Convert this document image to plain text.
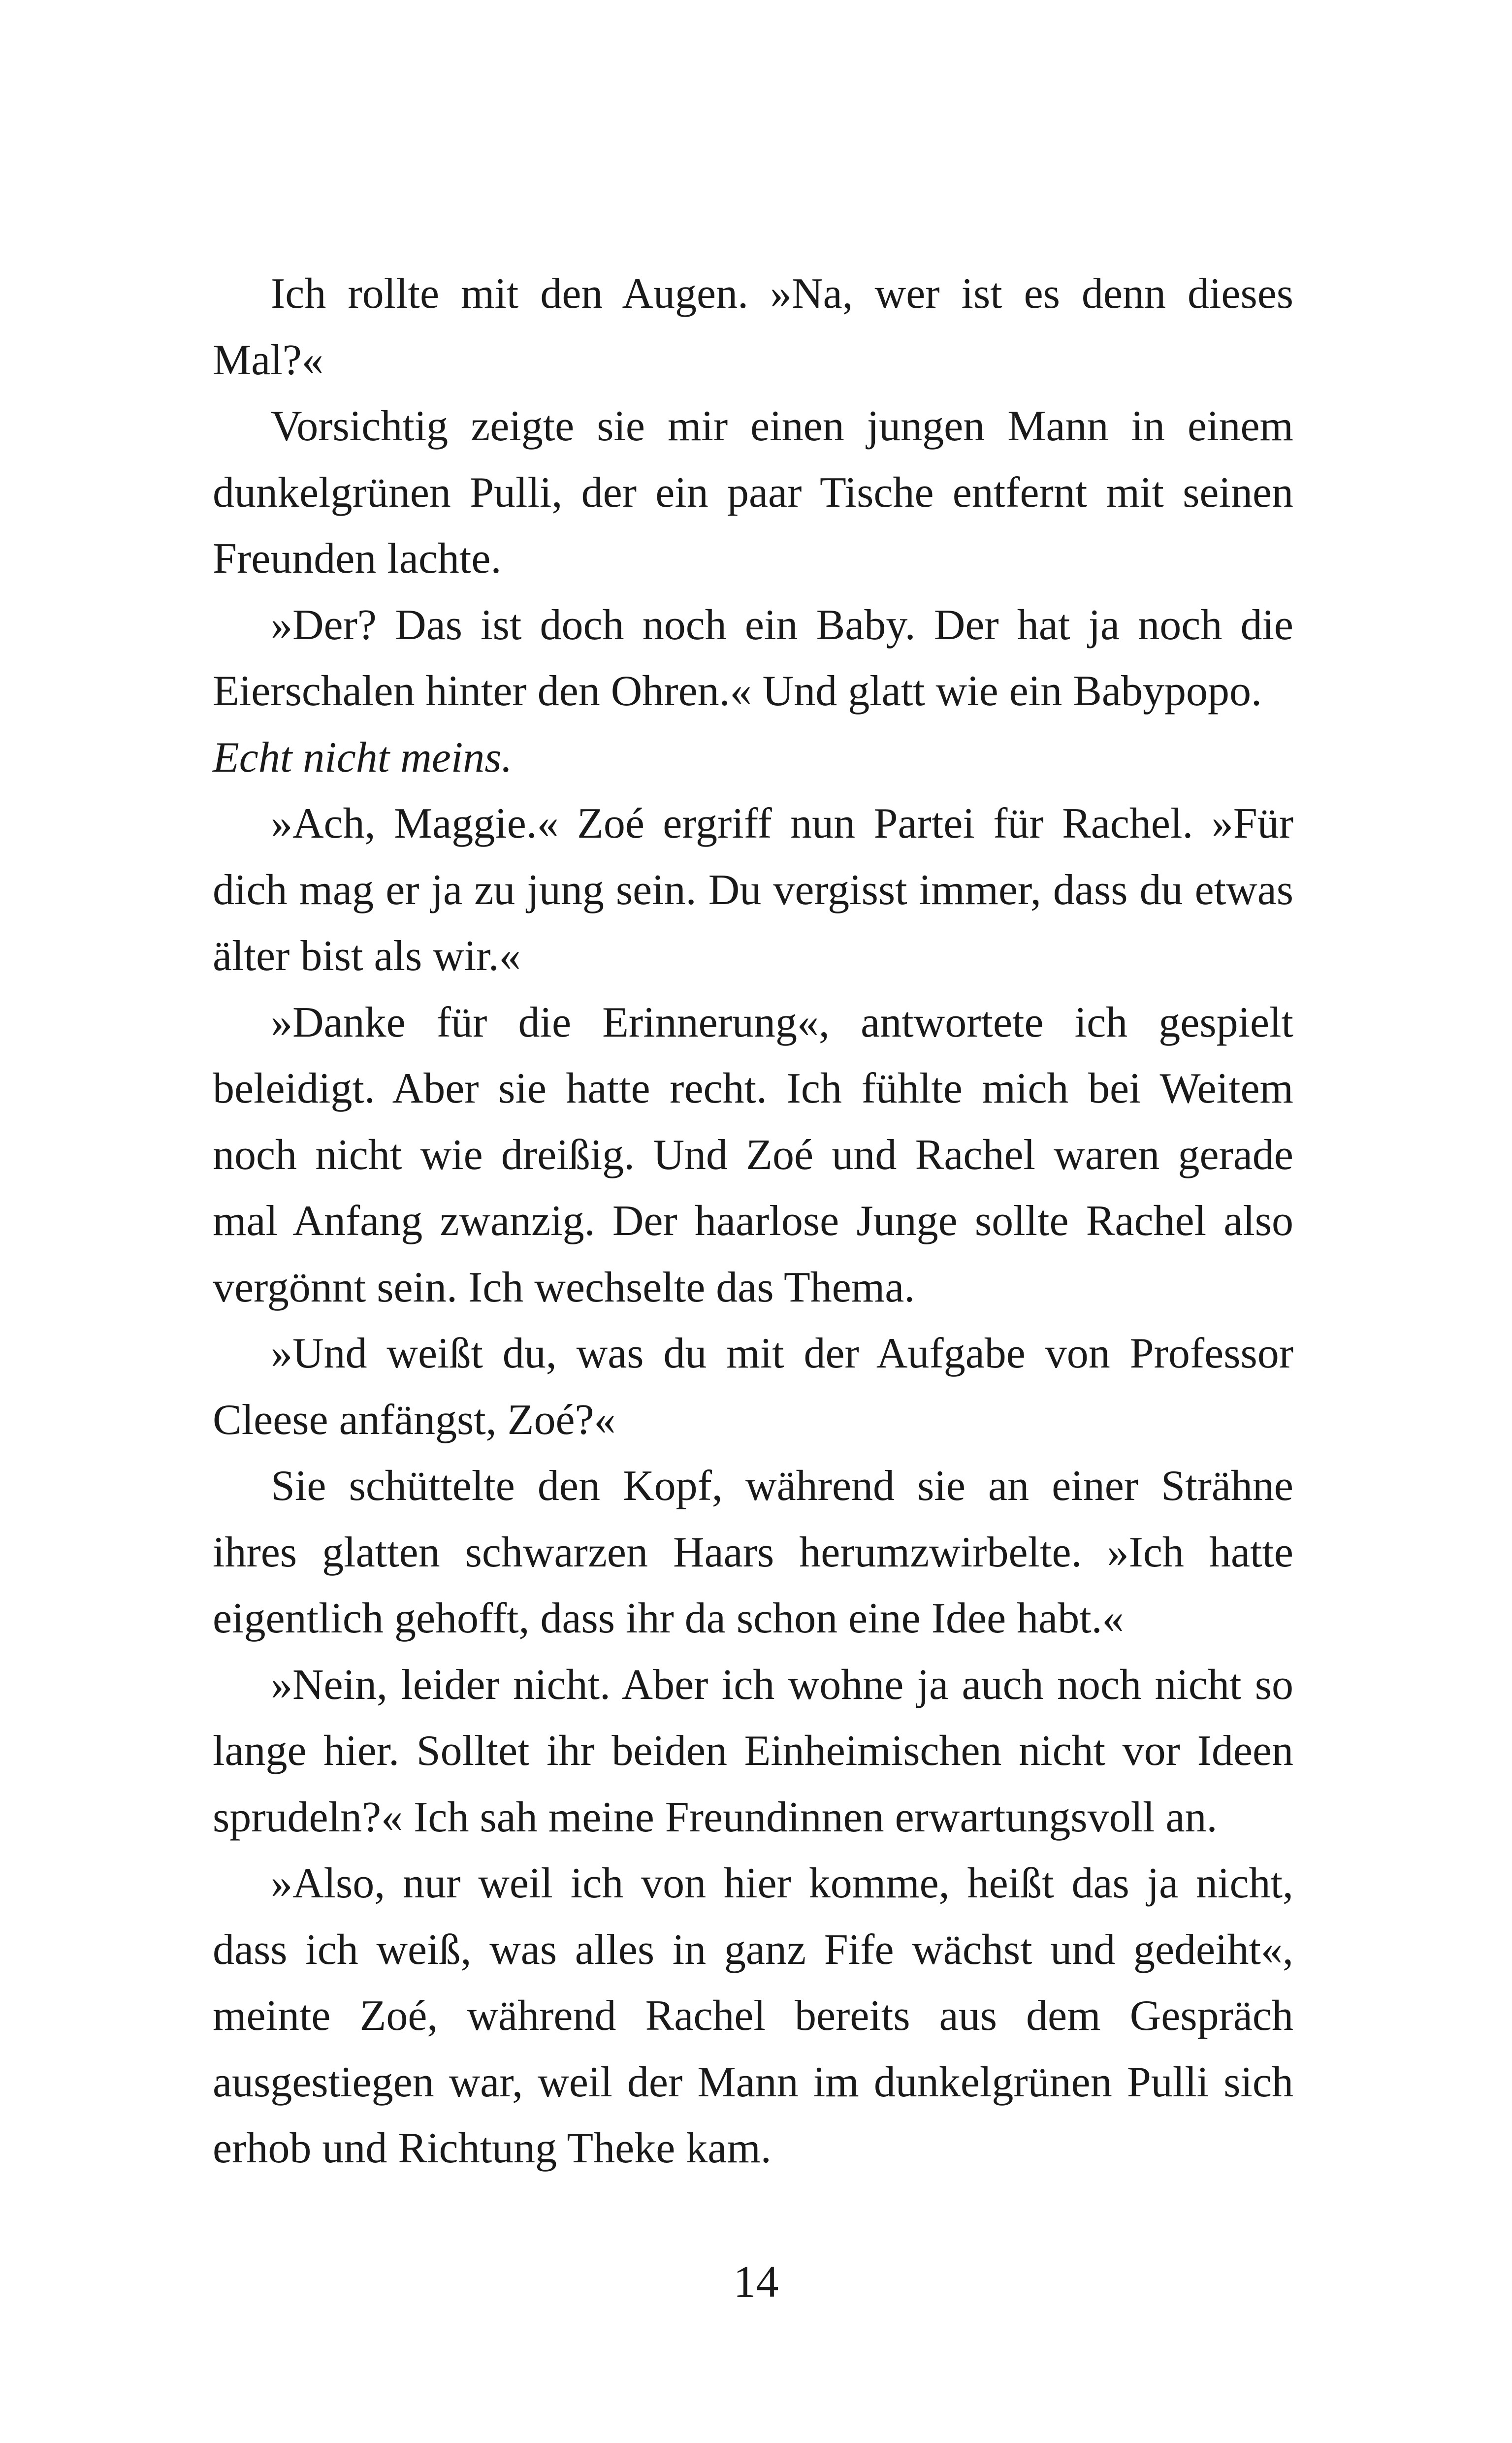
Ich rollte mit den Augen. »Na, wer ist es denn dieses Mal?«

Vorsichtig zeigte sie mir einen jungen Mann in einem dunkelgrünen Pulli, der ein paar Tische entfernt mit seinen Freunden lachte.

»Der? Das ist doch noch ein Baby. Der hat ja noch die Eierschalen hinter den Ohren.« Und glatt wie ein Babypopo.

Echt nicht meins.

»Ach, Maggie.« Zoé ergriff nun Partei für Rachel. »Für dich mag er ja zu jung sein. Du vergisst immer, dass du etwas älter bist als wir.«

»Danke für die Erinnerung«, antwortete ich gespielt beleidigt. Aber sie hatte recht. Ich fühlte mich bei Weitem noch nicht wie dreißig. Und Zoé und Rachel waren gerade mal Anfang zwanzig. Der haarlose Junge sollte Rachel also vergönnt sein. Ich wechselte das Thema.

»Und weißt du, was du mit der Aufgabe von Professor Cleese anfängst, Zoé?«

Sie schüttelte den Kopf, während sie an einer Strähne ihres glatten schwarzen Haars herumzwirbelte. »Ich hatte eigentlich gehofft, dass ihr da schon eine Idee habt.«

»Nein, leider nicht. Aber ich wohne ja auch noch nicht so lange hier. Solltet ihr beiden Einheimischen nicht vor Ideen sprudeln?« Ich sah meine Freundinnen erwartungsvoll an.

»Also, nur weil ich von hier komme, heißt das ja nicht, dass ich weiß, was alles in ganz Fife wächst und gedeiht«, meinte Zoé, während Rachel bereits aus dem Gespräch ausgestiegen war, weil der Mann im dunkelgrünen Pulli sich erhob und Richtung Theke kam.

14
